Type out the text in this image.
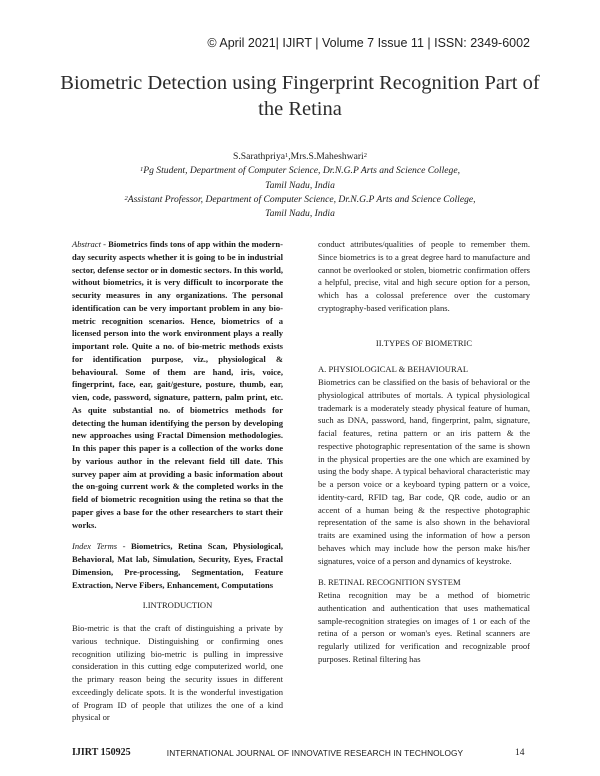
© April 2021| IJIRT | Volume 7 Issue 11 | ISSN: 2349-6002
Biometric Detection using Fingerprint Recognition Part of the Retina
S.Sarathpriya$^1$,Mrs.S.Maheshwari$^2$
$^1$Pg Student, Department of Computer Science, Dr.N.G.P Arts and Science College,
Tamil Nadu, India
$^2$Assistant Professor, Department of Computer Science, Dr.N.G.P Arts and Science College,
Tamil Nadu, India

Abstract - Biometrics finds tons of app within the modern-day security aspects whether it is going to be in industrial sector, defense sector or in domestic sectors. In this world, without biometrics, it is very difficult to incorporate the security measures in any organizations. The personal identification can be very important problem in any bio-metric recognition scenarios. Hence, biometrics of a licensed person into the work environment plays a really important role. Quite a no. of bio-metric methods exists for identification purpose, viz., physiological & behavioural. Some of them are hand, iris, voice, fingerprint, face, ear, gait/gesture, posture, thumb, ear, vien, code, password, signature, pattern, palm print, etc. As quite substantial no. of biometrics methods for detecting the human identifying the person by developing new approaches using Fractal Dimension methodologies. In this paper this paper is a collection of the works done by various author in the relevant field till date. This survey paper aim at providing a basic information about the on-going current work & the completed works in the field of biometric recognition using the retina so that the paper gives a base for the other researchers to start their works.

Index Terms - Biometrics, Retina Scan, Physiological, Behavioral, Mat lab, Simulation, Security, Eyes, Fractal Dimension, Pre-processing, Segmentation, Feature Extraction, Nerve Fibers, Enhancement, Computations

I.INTRODUCTION

Bio-metric is that the craft of distinguishing a private by various technique. Distinguishing or confirming ones recognition utilizing bio-metric is pulling in impressive consideration in this cutting edge computerized world, one the primary reason being the security issues in different exceedingly delicate spots. It is the wonderful investigation of Program ID of people that utilizes the one of a kind physical or

conduct attributes/qualities of people to remember them. Since biometrics is to a great degree hard to manufacture and cannot be overlooked or stolen, biometric confirmation offers a helpful, precise, vital and high secure option for a person, which has a colossal preference over the customary cryptography-based verification plans.

II.TYPES OF BIOMETRIC

A. PHYSIOLOGICAL & BEHAVIOURAL

Biometrics can be classified on the basis of behavioral or the physiological attributes of mortals. A typical physiological trademark is a moderately steady physical feature of human, such as DNA, password, hand, fingerprint, palm, signature, facial features, retina pattern or an iris pattern & the respective photographic representation of the same is shown in the physical properties are the one which are examined by using the body shape. A typical behavioral characteristic may be a person voice or a keyboard typing pattern or a voice, identity-card, RFID tag, Bar code, QR code, audio or an accent of a human being & the respective photographic representation of the same is also shown in the behavioral traits are examined using the information of how a person behaves which may include how the person make his/her signatures, voice of a person and dynamics of keystroke.

B. RETINAL RECOGNITION SYSTEM

Retina recognition may be a method of biometric authentication and authentication that uses mathematical sample-recognition strategies on images of 1 or each of the retina of a person or woman's eyes. Retinal scanners are regularly utilized for verification and recognizable proof purposes. Retinal filtering has

IJIRT 150925	INTERNATIONAL JOURNAL OF INNOVATIVE RESEARCH IN TECHNOLOGY	14
